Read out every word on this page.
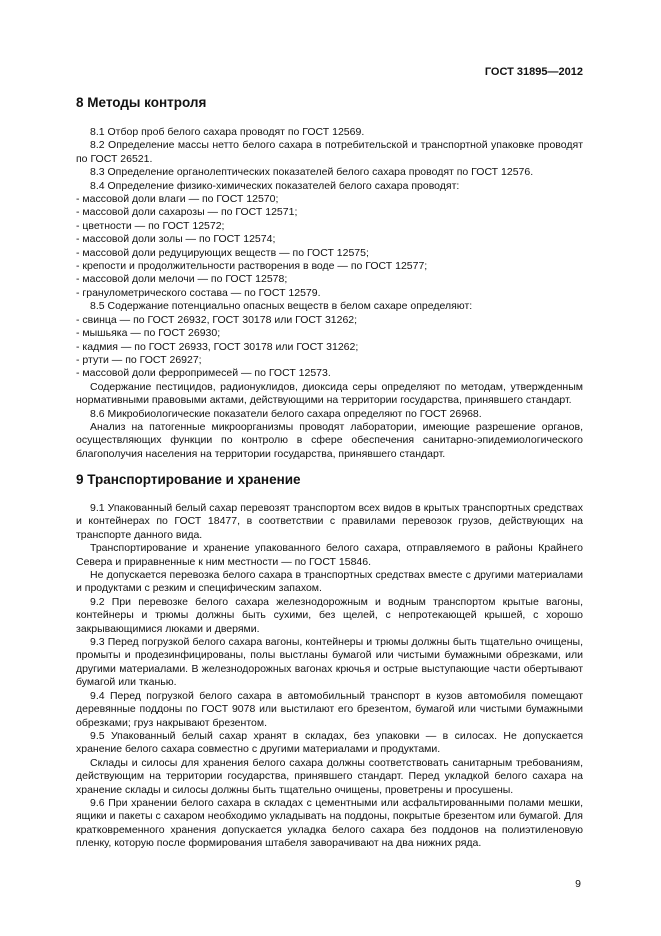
ГОСТ 31895—2012
8 Методы контроля

8.1 Отбор проб белого сахара проводят по ГОСТ 12569.

8.2 Определение массы нетто белого сахара в потребительской и транспортной упаковке проводят по ГОСТ 26521.

8.3 Определение органолептических показателей белого сахара проводят по ГОСТ 12576.

8.4 Определение физико-химических показателей белого сахара проводят:

- массовой доли влаги — по ГОСТ 12570;

- массовой доли сахарозы — по ГОСТ 12571;

- цветности — по ГОСТ 12572;

- массовой доли золы — по ГОСТ 12574;

- массовой доли редуцирующих веществ — по ГОСТ 12575;

- крепости и продолжительности растворения в воде — по ГОСТ 12577;

- массовой доли мелочи — по ГОСТ 12578;

- гранулометрического состава — по ГОСТ 12579.

8.5 Содержание потенциально опасных веществ в белом сахаре определяют:

- свинца — по ГОСТ 26932, ГОСТ 30178 или ГОСТ 31262;

- мышьяка — по ГОСТ 26930;

- кадмия — по ГОСТ 26933, ГОСТ 30178 или ГОСТ 31262;

- ртути — по ГОСТ 26927;

- массовой доли ферропримесей — по ГОСТ 12573.

Содержание пестицидов, радионуклидов, диоксида серы определяют по методам, утвержденным нормативными правовыми актами, действующими на территории государства, принявшего стандарт.

8.6 Микробиологические показатели белого сахара определяют по ГОСТ 26968.

Анализ на патогенные микроорганизмы проводят лаборатории, имеющие разрешение органов, осуществляющих функции по контролю в сфере обеспечения санитарно-эпидемиологического благополучия населения на территории государства, принявшего стандарт.

9 Транспортирование и хранение

9.1 Упакованный белый сахар перевозят транспортом всех видов в крытых транспортных средствах и контейнерах по ГОСТ 18477, в соответствии с правилами перевозок грузов, действующих на транспорте данного вида.

Транспортирование и хранение упакованного белого сахара, отправляемого в районы Крайнего Севера и приравненные к ним местности — по ГОСТ 15846.

Не допускается перевозка белого сахара в транспортных средствах вместе с другими материалами и продуктами с резким и специфическим запахом.

9.2 При перевозке белого сахара железнодорожным и водным транспортом крытые вагоны, контейнеры и трюмы должны быть сухими, без щелей, с непротекающей крышей, с хорошо закрывающимися люками и дверями.

9.3 Перед погрузкой белого сахара вагоны, контейнеры и трюмы должны быть тщательно очищены, промыты и продезинфицированы, полы выстланы бумагой или чистыми бумажными обрезками, или другими материалами. В железнодорожных вагонах крючья и острые выступающие части обертывают бумагой или тканью.

9.4 Перед погрузкой белого сахара в автомобильный транспорт в кузов автомобиля помещают деревянные поддоны по ГОСТ 9078 или выстилают его брезентом, бумагой или чистыми бумажными обрезками; груз накрывают брезентом.

9.5 Упакованный белый сахар хранят в складах, без упаковки — в силосах. Не допускается хранение белого сахара совместно с другими материалами и продуктами.

Склады и силосы для хранения белого сахара должны соответствовать санитарным требованиям, действующим на территории государства, принявшего стандарт. Перед укладкой белого сахара на хранение склады и силосы должны быть тщательно очищены, проветрены и просушены.

9.6 При хранении белого сахара в складах с цементными или асфальтированными полами мешки, ящики и пакеты с сахаром необходимо укладывать на поддоны, покрытые брезентом или бумагой. Для кратковременного хранения допускается укладка белого сахара без поддонов на полиэтиленовую пленку, которую после формирования штабеля заворачивают на два нижних ряда.

9
